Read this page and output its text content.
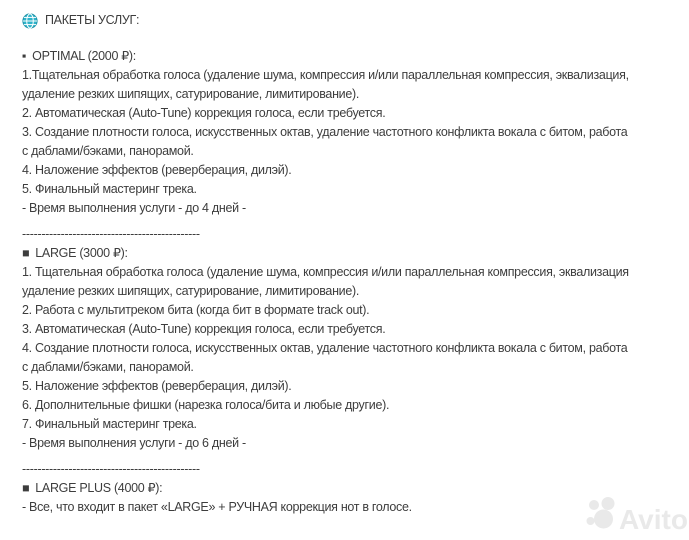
ПАКЕТЫ УСЛУГ:
▪ OPTIMAL (2000 ₽):
1.Тщательная обработка голоса (удаление шума, компрессия и/или параллельная компрессия, эквализация,
удаление резких шипящих, сатурирование, лимитирование).
2. Автоматическая (Auto-Tune) коррекция голоса, если требуется.
3. Создание плотности голоса, искусственных октав, удаление частотного конфликта вокала с битом, работа
с даблами/бэками, панорамой.
4. Наложение эффектов (реверберация, дилэй).
5. Финальный мастеринг трека.
- Время выполнения услуги - до 4 дней -
----------------------------------------------
■ LARGE (3000 ₽):
1. Тщательная обработка голоса (удаление шума, компрессия и/или параллельная компрессия, эквализация
удаление резких шипящих, сатурирование, лимитирование).
2. Работа с мультитреком бита (когда бит в формате track out).
3. Автоматическая (Auto-Tune) коррекция голоса, если требуется.
4. Создание плотности голоса, искусственных октав, удаление частотного конфликта вокала с битом, работа
с даблами/бэками, панорамой.
5. Наложение эффектов (реверберация, дилэй).
6. Дополнительные фишки (нарезка голоса/бита и любые другие).
7. Финальный мастеринг трека.
- Время выполнения услуги - до 6 дней -
----------------------------------------------
■ LARGE PLUS (4000 ₽):
- Все, что входит в пакет «LARGE» + РУЧНАЯ коррекция нот в голосе.	Avito
